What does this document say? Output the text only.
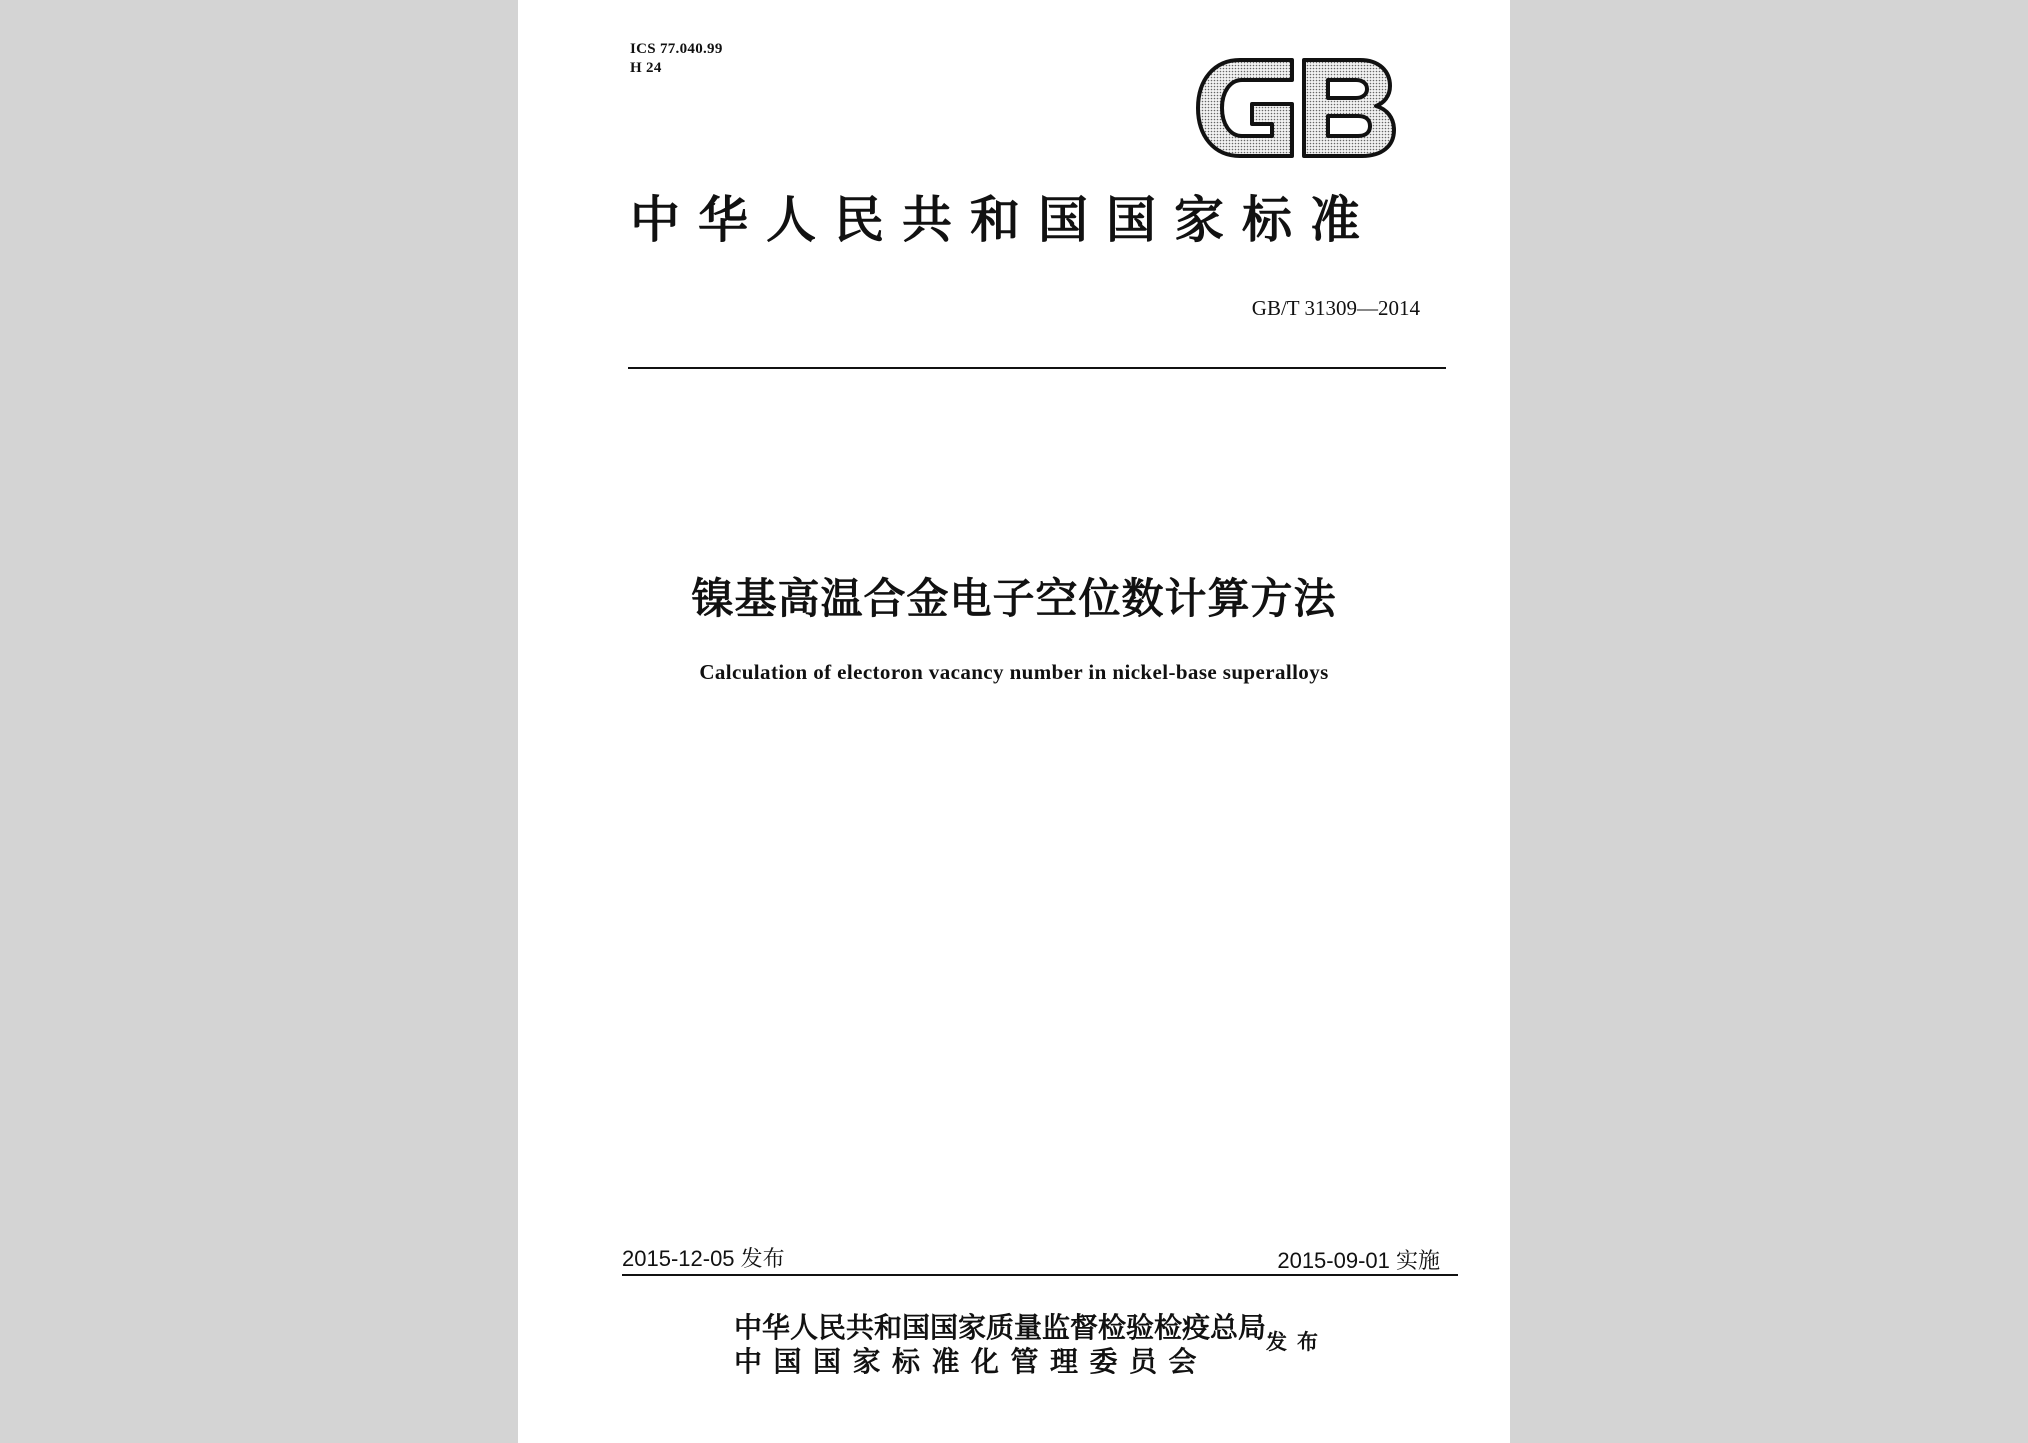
ICS 77.040.99
H 24
中华人民共和国国家标准
GB/T 31309—2014
镍基高温合金电子空位数计算方法
Calculation of electoron vacancy number in nickel-base superalloys
2015-12-05 发布	2015-09-01 实施
中华人民共和国国家质量监督检验检疫总局
中国国家标准化管理委员会
发布
